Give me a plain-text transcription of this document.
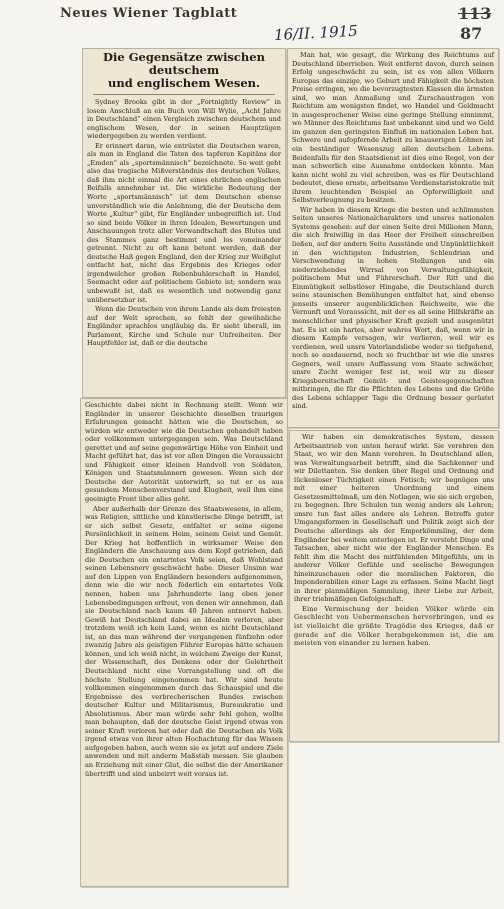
Neues Wiener Tagblatt
16/II. 1915
113
87
Die Gegensätze zwischen deutschem
und englischem Wesen.

Sydney Brooks gibt in der „Fortnightly Review“ in losem Anschluß an ein Buch von Will Wylie, „Acht Jahre in Deutschland“ einen Vergleich zwischen deutschem und englischem Wesen, der in seinen Hauptzügen wiedergegeben zu werden verdient.

Er erinnert daran, wie entrüstet die Deutschen waren, als man in England die Taten des tapferen Kapitäns der „Emden“ als „sportsmännisch“ bezeichnete. So weit geht also das tragische Mißverständnis des deutschen Volkes, daß ihm nicht einmal die Art eines ehrlichen englischen Beifalls annehmbar ist. Die wirkliche Bedeutung der Worte „sportsmännisch“ ist dem Deutschen ebenso unverständlich wie die Anlehnung, die der Deutsche dem Worte „Kultur“ gibt, für Engländer unbegreiflich ist. Und so sind beide Völker in ihren Idealen, Bewertungen und Anschauungen trotz aller Verwandtschaft des Blutes und des Stammes ganz bestimmt und los voneinander getrennt. Nicht zu oft kann betont werden, daß der deutsche Haß gegen England, den der Krieg zur Weißglut entfacht hat, nicht das Ergebnis des Krieges oder irgendwelcher großen Rebenbuhlerschaft in Handel, Seemacht oder auf politischem Gebiete ist; sondern was unbewußt ist, daß es wesentlich und notwendig ganz unübersetzbar ist.

Wenn die Deutschen von ihrem Lande als dem freiesten auf der Welt sprechen, so fehlt der gewöhnliche Engländer sprachlos ungläubig da. Er sieht überall, im Parlament, Kirche und Schule nur Unfreiheiten. Der Hauptfehler ist, daß er die deutsche

Geschichte dabei nicht in Rechnung stellt. Wenn wir Engländer in unserer Geschichte dieselben traurigen Erfahrungen gemacht hätten wie die Deutschen, so würden wir entweder wie die Deutschen gehandelt haben oder vollkommen untergegangen sein. Was Deutschland gerettet und auf seine gegenwärtige Höhe von Einheit und Macht geführt hat, das ist vor allen Dingen die Voraussicht und Fähigkeit einer kleinen Handvoll von Soldaten, Königen und Staatsmännern gewesen. Wenn sich der Deutsche der Autorität unterwirft, so tut er es aus gesundem Menschenverstand und Klugheit, weil ihm eine geeinigte Front über alles geht.

Aber außerhalb der Grenze des Staatswesens, in allem, was Religion, sittliche und künstlerische Dinge betrifft, ist er sich selbst Gesetz, entfaltet er seine eigene Persönlichkeit in seinem Heim, seinem Geist und Gemüt. Der Krieg hat hoffentlich in wirksamer Weise den Engländern die Anschauung aus dem Kopf getrieben, daß die Deutschen ein entartetes Volk seien, daß Wohlstand seinen Lebensnerv geschwächt habe. Dieser Unsinn war auf den Lippen von Engländern besonders aufgenommen, denn wie die wir noch föderlich ein entartetes Volk nennen, haben uns Jahrhunderte lang eben jener Lebensbedingungen erfreut, von denen wir annehmen, daß sie Deutschland nach kaum 40 Jahren entnervt haben. Gewiß hat Deutschland dabei an Idealen verloren, aber trotzdem weiß ich kein Land, wenn es nicht Deutschland ist, an das man während der vergangenen fünfzehn oder zwanzig Jahre als geistigen Führer Europas hätte schauen können, und ich weiß nicht, in welchem Zweige der Kunst, der Wissenschaft, des Denkens oder der Gelehrtheit Deutschland nicht eine Vorrangstellung und oft die höchste Stellung eingenommen hat. Wir sind heute vollkommen eingenommen durch das Schauspiel und die Ergebnisse des verbrecherischen Bundes zwischen deutscher Kultur und Militarismus, Bureaukratie und Absolutismus. Aber man würde sehr fehl gehen, wollte man behaupten, daß der deutsche Geist irgend etwas von seiner Kraft verloren hat oder daß die Deutschen als Volk irgend etwas von ihrer alten Hochachtung für das Wissen aufgegeben haben, auch wenn sie es jetzt auf andere Ziele anwenden und mit anderm Maßstab messen. Sie glauben an Erziehung mit einer Glut, die selbst die der Amerikaner übertrifft und sind unbeirrt weit voraus ist.

Man hat, wie gesagt, die Wirkung des Reichtums auf Deutschland überrieben. Weit entfernt davon, durch seinen Erfolg ungeschwächt zu sein, ist es von allen Völkern Europas das einzige, wo Geburt und Fähigkeit die höchsten Preise erringen, wo die bevorzugtesten Klassen die ärmsten sind, wo man Anmaßung und Zurschaustragen von Reichtum am wenigsten findet, wo Handel und Geldmacht in ausgesprochener Weise eine geringe Stellung einnimmt, wo Männer des Reichtums fast unbekannt sind und wo Geld im ganzen den geringsten Einfluß im nationalen Leben hat. Schwere und aufopfernde Arbeit zu knauserigen Löhnen ist ein beständiger Wesenszug allen deutschen Lebens. Beidenfalls für den Staatsdienst ist dies eine Regel, von der man schwerlich eine Ausnahme entdecken könnte. Man kann nicht wohl zu viel schreiben, was es für Deutschland bedeutet, diese ernste, arbeitsame Verdienstaristokratie mit ihrem leuchtenden Beispiel an Opferwilligkeit und Selbstverleugnung zu besitzen.

Wir haben in diesem Kriege die besten und schlimmsten Seiten unseres Nationalcharakters und unsres nationalen Systems gesehen: auf der einen Seite drei Millionen Mann, die sich freiwillig in das Heer der Freiheit einschreiben ließen, auf der andern Seite Ausstände und Unpünktlichkeit in den wichtigsten Industrien, Schlendrian und Verschwendung in hohen Stellungen und ein niederziehendes Wirrsal von Verwaltungsfähigkeit, politischem Mut und Führerschaft. Der Ritt und die Einmütigkeit selbstloser Hingabe, die Deutschland durch seine staunischen Bemühungen entfaltet hat, sind ebenso jenseits unserer augenblicklichen Reichweite, wie die Vernunft und Voraussicht, mit der es all seine Hilfskräfte an menschlicher und physischer Kraft gezielt und ausgenützt hat. Es ist ein hartes, aber wahres Wort, daß, wenn wir in diesem Kampfe versagen, wir verlieren, weil wir es verdienen, weil unsre Vaterlandsliebe weder so tiefgehend, noch so ausdauernd, noch so fruchtbar ist wie die unsres Gegners, weil unsre Auffassung vom Staate schwächer, unsre Zucht weniger fest ist, weil wir zu dieser Kriegsbereitschaft Gemüt- und Geistesgegenschaften mitbringen, die für die Pflichten des Lebens und die Größe des Lebens schlapper Tage die Ordnung besser gerüstet sind.

Wir haben ein demokratisches System, dessen Arbeitsantrieb von unten herauf wirkt. Sie verehren den Staat, wo wir den Mann verehren. In Deutschland allen, was Verwaltungsarbeit betrifft, sind die Sachkenner und wir Dilettanten. Sie denken über Regel und Ordnung und lückenloser Tüchtigkeit einen Fetisch; wir begnügen uns mit einer heiteren Unordnung und einem Gesetzesmittelmaß, um den Notlagen, wie sie sich ergeben, zu begegnen. Ihre Schulen tun wenig anders als Lehren; unsre tun fast alles andere als Lehren. Betreffs guter Umgangsformen in Gesellschaft und Politik zeigt sich der Deutsche allerdings als der Emporkömmling, der dem Engländer bei weitem unterlegen ist. Er versteht Dinge und Tatsachen, aber nicht wie der Engländer Menschen. Es fehlt ihm die Macht des mitfühlenden Mitgefühls, um in anderer Völker Gefühle und seelische Bewegungen hineinzuschauen oder die moralischen Faktoren, die Imponderabilien einer Lage zu erfassen. Seine Macht liegt in ihrer planmäßigen Sammlung, ihrer Liebe zur Arbeit, ihrer triebmäßigen Gefolgschaft.

Eine Vermischung der beiden Völker würde ein Geschlecht von Uebermenschen hervorbringen, und es ist vielleicht die größte Tragödie des Krieges, daß er gerade auf die Völker herabgekommen ist, die am meisten von einander zu lernen haben.
